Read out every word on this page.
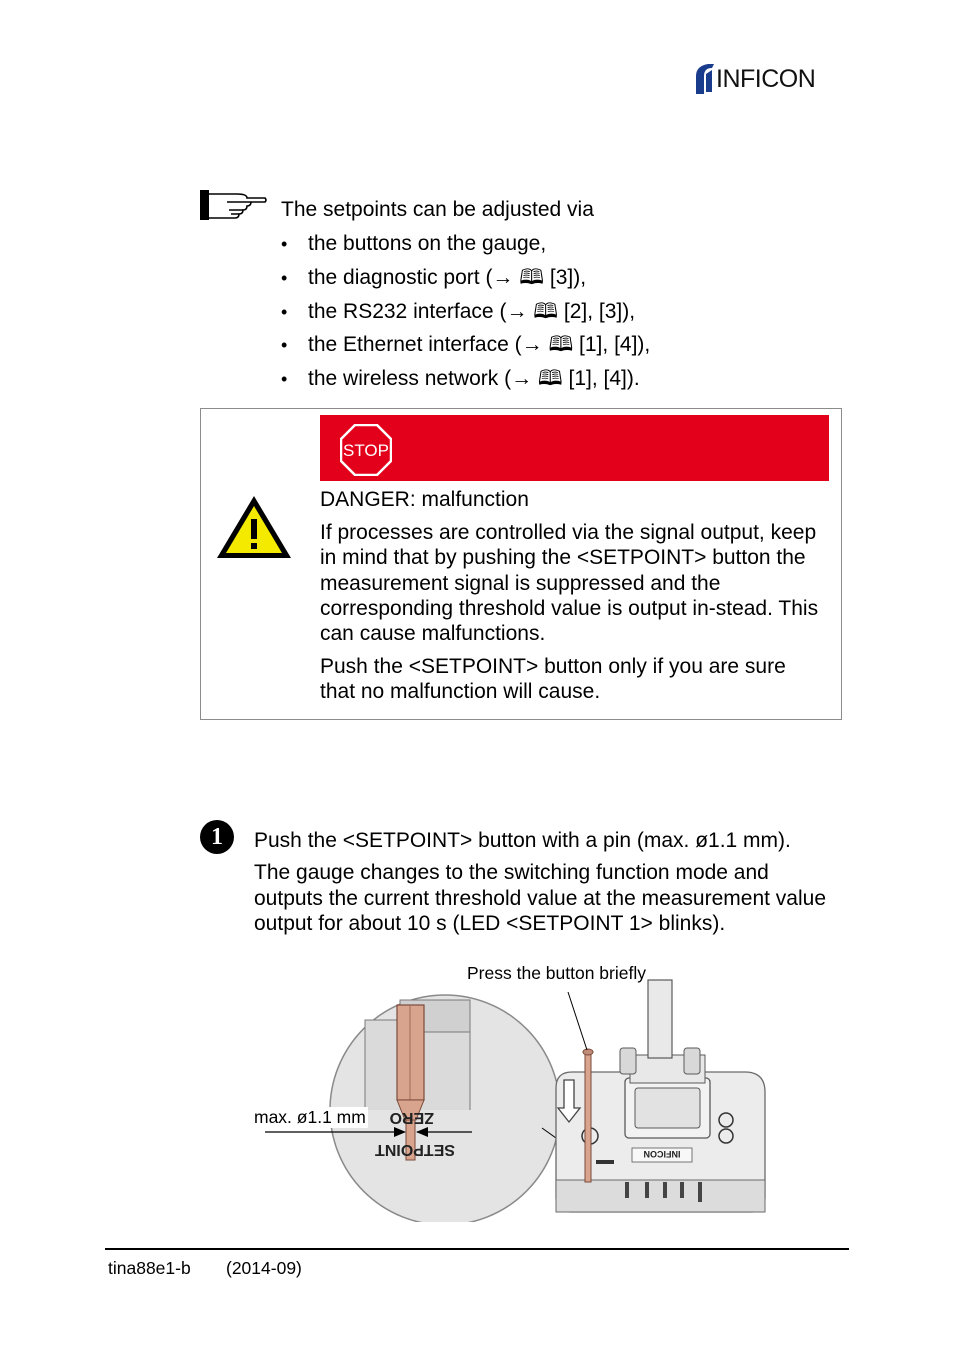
INFICON
The setpoints can be adjusted via
• the buttons on the gauge,
• the diagnostic port (→ 🕮 [3]),
• the RS232 interface (→ 🕮 [2], [3]),
• the Ethernet interface (→ 🕮 [1], [4]),
• the wireless network (→ 🕮 [1], [4]).
STOP
DANGER: malfunction
If processes are controlled via the signal output, keep in mind that by pushing the <SETPOINT> button the measurement signal is suppressed and the corresponding threshold value is output in-stead. This can cause malfunctions.
Push the <SETPOINT> button only if you are sure that no malfunction will cause.
1	Push the <SETPOINT> button with a pin (max. ø1.1 mm).
The gauge changes to the switching function mode and outputs the current threshold value at the measurement value output for about 10 s (LED <SETPOINT 1> blinks).
ZERO
SETPOINT	INFICON
Press the button briefly
max. ø1.1 mm
tina88e1-b (2014-09)
